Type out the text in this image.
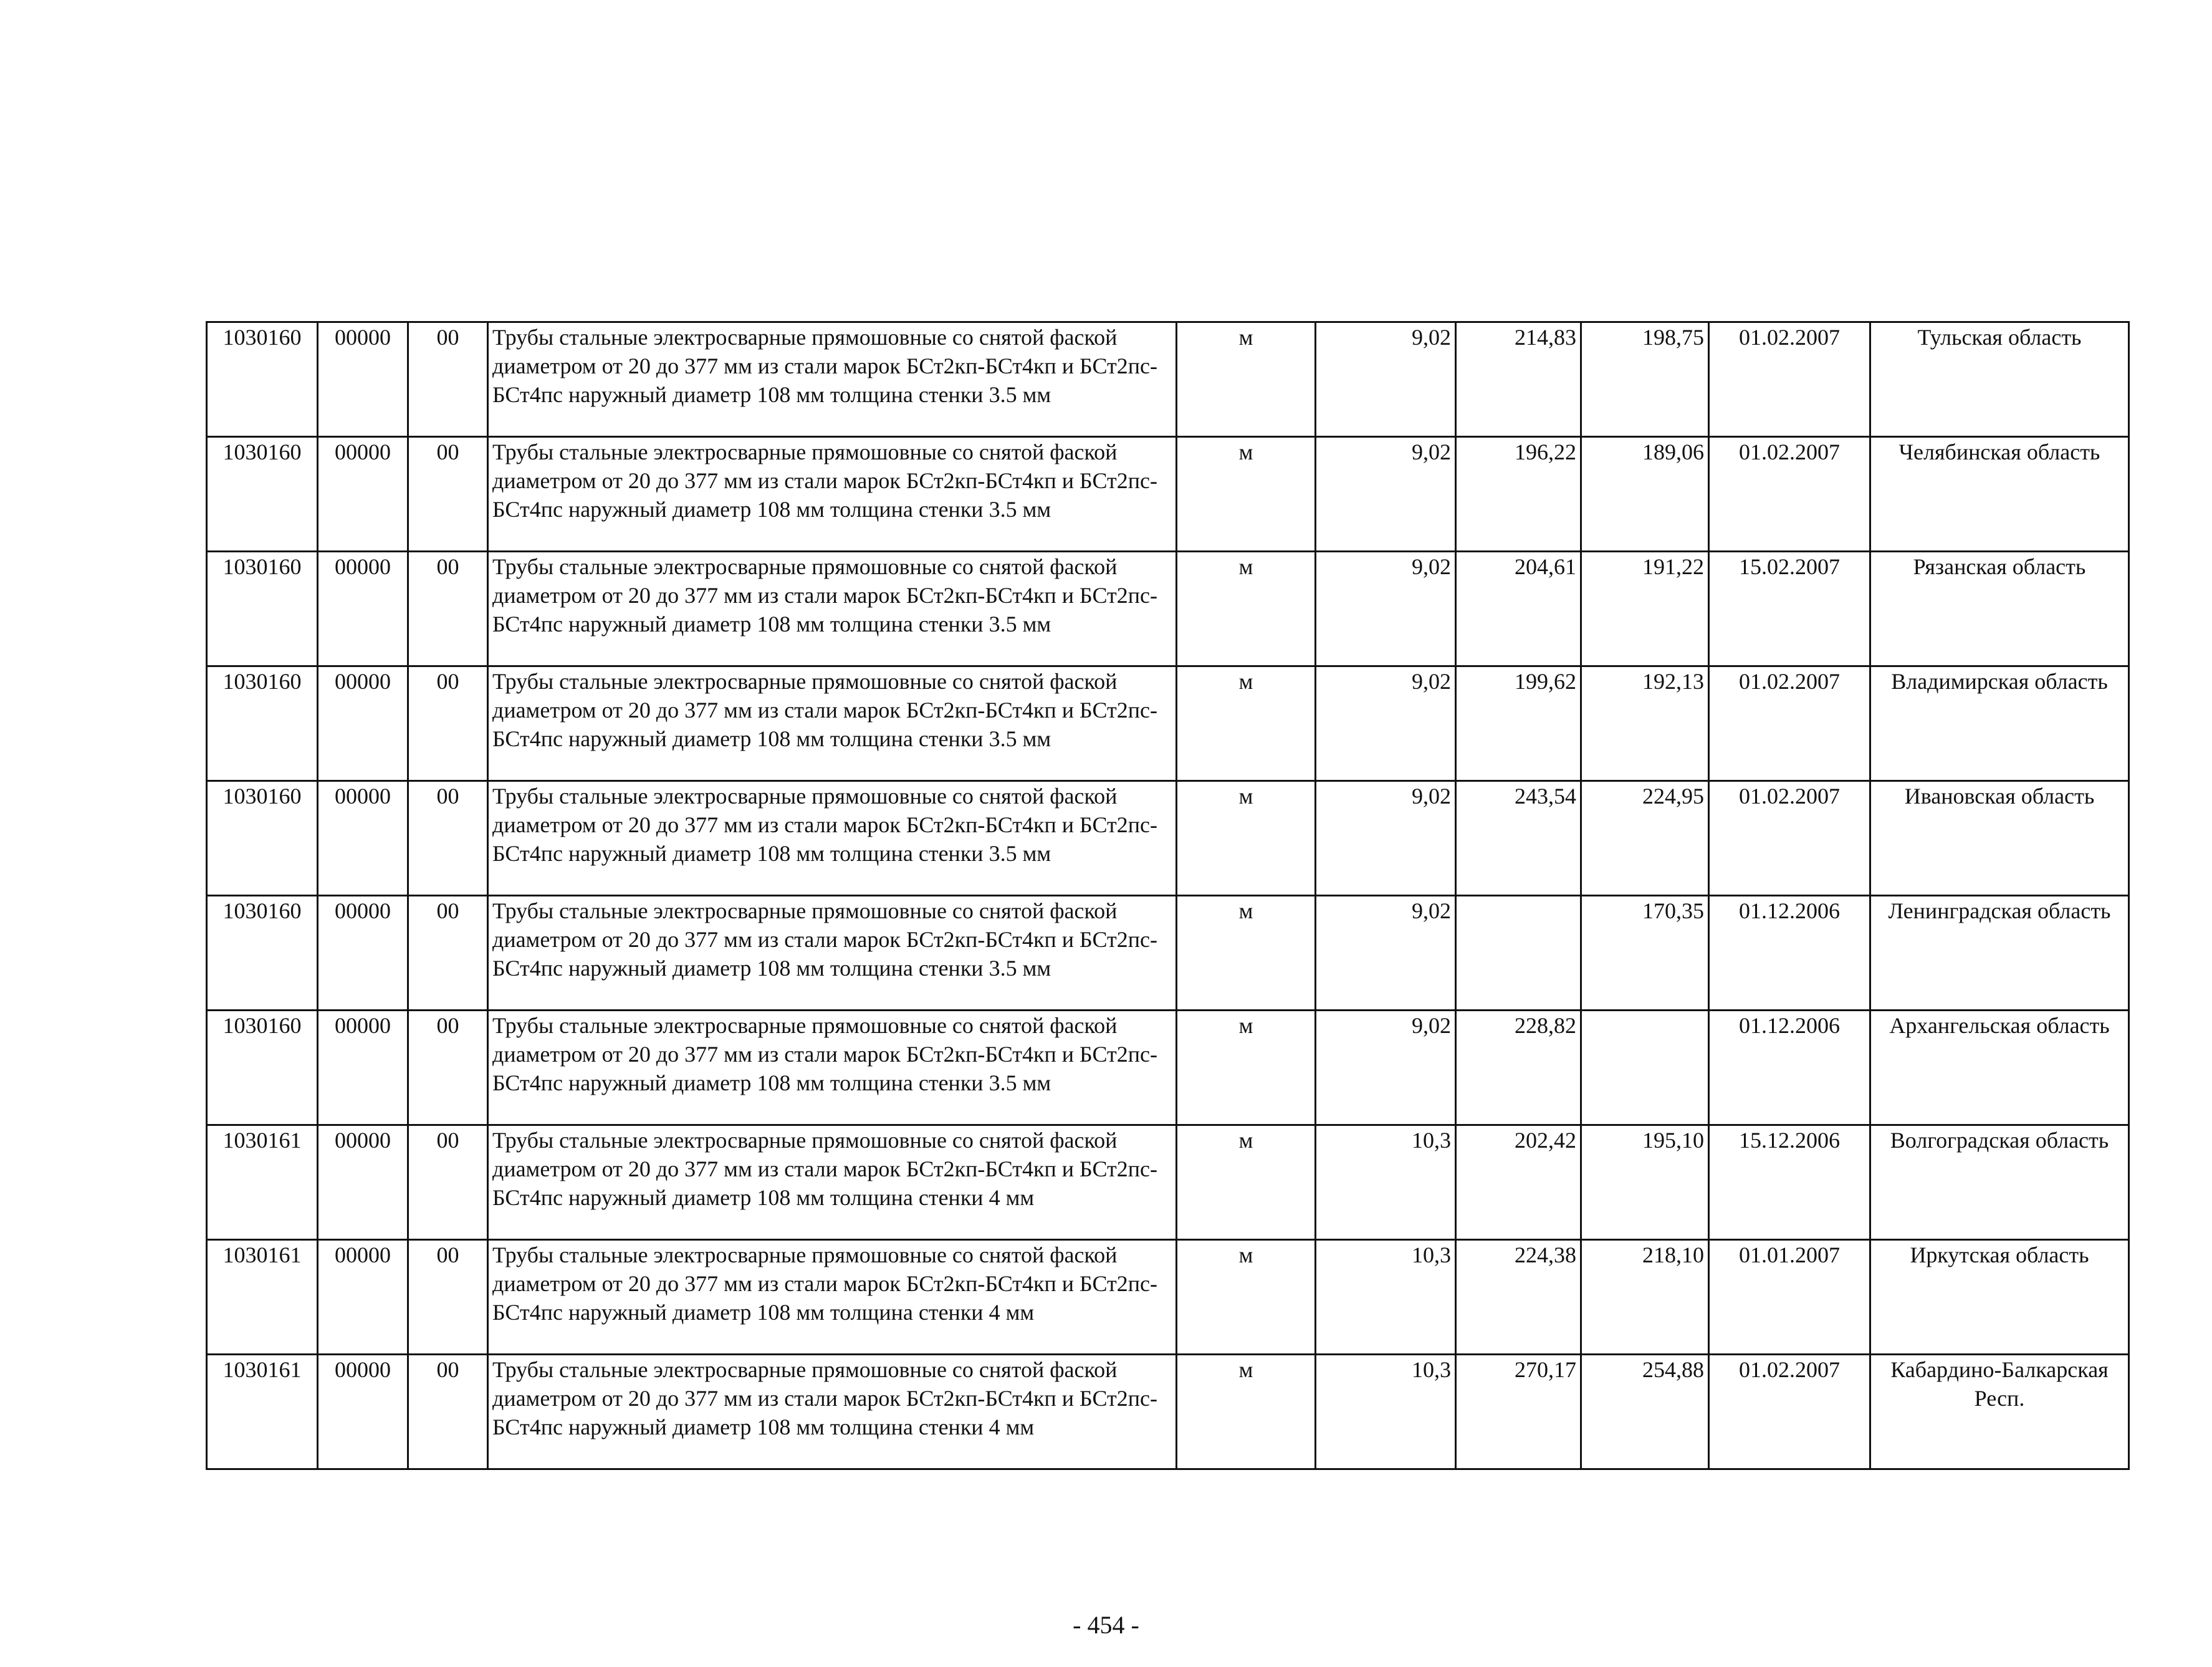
1030160	00000	00	Трубы стальные электросварные прямошовные со снятой фаской диаметром от 20 до 377 мм из стали марок БСт2кп-БСт4кп и БСт2пс-БСт4пс наружный диаметр 108 мм толщина стенки 3.5 мм	м	9,02	214,83	198,75	01.02.2007	Тульская область
1030160	00000	00	Трубы стальные электросварные прямошовные со снятой фаской диаметром от 20 до 377 мм из стали марок БСт2кп-БСт4кп и БСт2пс-БСт4пс наружный диаметр 108 мм толщина стенки 3.5 мм	м	9,02	196,22	189,06	01.02.2007	Челябинская область
1030160	00000	00	Трубы стальные электросварные прямошовные со снятой фаской диаметром от 20 до 377 мм из стали марок БСт2кп-БСт4кп и БСт2пс-БСт4пс наружный диаметр 108 мм толщина стенки 3.5 мм	м	9,02	204,61	191,22	15.02.2007	Рязанская область
1030160	00000	00	Трубы стальные электросварные прямошовные со снятой фаской диаметром от 20 до 377 мм из стали марок БСт2кп-БСт4кп и БСт2пс-БСт4пс наружный диаметр 108 мм толщина стенки 3.5 мм	м	9,02	199,62	192,13	01.02.2007	Владимирская область
1030160	00000	00	Трубы стальные электросварные прямошовные со снятой фаской диаметром от 20 до 377 мм из стали марок БСт2кп-БСт4кп и БСт2пс-БСт4пс наружный диаметр 108 мм толщина стенки 3.5 мм	м	9,02	243,54	224,95	01.02.2007	Ивановская область
1030160	00000	00	Трубы стальные электросварные прямошовные со снятой фаской диаметром от 20 до 377 мм из стали марок БСт2кп-БСт4кп и БСт2пс-БСт4пс наружный диаметр 108 мм толщина стенки 3.5 мм	м	9,02		170,35	01.12.2006	Ленинградская область
1030160	00000	00	Трубы стальные электросварные прямошовные со снятой фаской диаметром от 20 до 377 мм из стали марок БСт2кп-БСт4кп и БСт2пс-БСт4пс наружный диаметр 108 мм толщина стенки 3.5 мм	м	9,02	228,82		01.12.2006	Архангельская область
1030161	00000	00	Трубы стальные электросварные прямошовные со снятой фаской диаметром от 20 до 377 мм из стали марок БСт2кп-БСт4кп и БСт2пс-БСт4пс наружный диаметр 108 мм толщина стенки 4 мм	м	10,3	202,42	195,10	15.12.2006	Волгоградская область
1030161	00000	00	Трубы стальные электросварные прямошовные со снятой фаской диаметром от 20 до 377 мм из стали марок БСт2кп-БСт4кп и БСт2пс-БСт4пс наружный диаметр 108 мм толщина стенки 4 мм	м	10,3	224,38	218,10	01.01.2007	Иркутская область
1030161	00000	00	Трубы стальные электросварные прямошовные со снятой фаской диаметром от 20 до 377 мм из стали марок БСт2кп-БСт4кп и БСт2пс-БСт4пс наружный диаметр 108 мм толщина стенки 4 мм	м	10,3	270,17	254,88	01.02.2007	Кабардино-Балкарская Респ.
- 454 -
